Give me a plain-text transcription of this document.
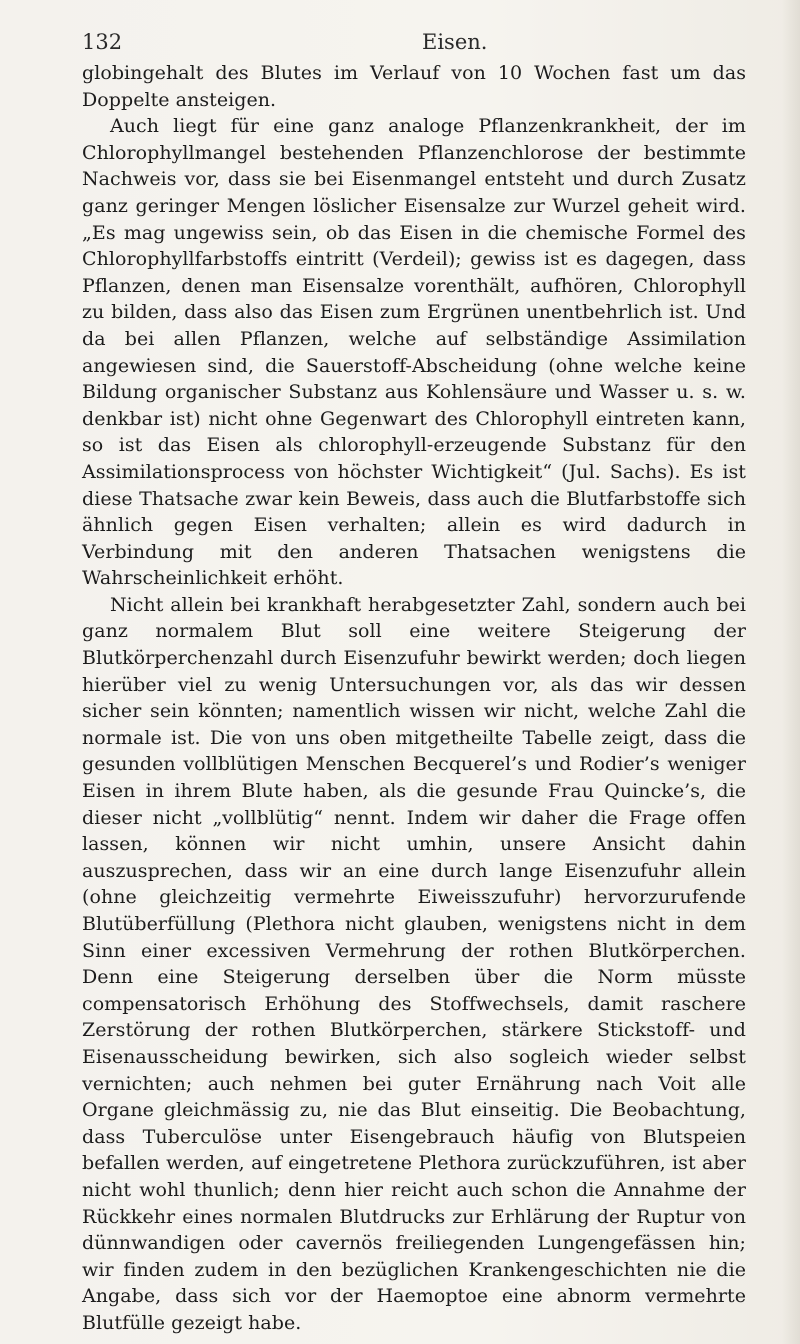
132	Eisen.

globingehalt des Blutes im Verlauf von 10 Wochen fast um das Doppelte ansteigen.

Auch liegt für eine ganz analoge Pflanzenkrankheit, der im Chlorophyllmangel bestehenden Pflanzenchlorose der bestimmte Nachweis vor, dass sie bei Eisenmangel entsteht und durch Zusatz ganz geringer Mengen löslicher Eisensalze zur Wurzel geheit wird. „Es mag ungewiss sein, ob das Eisen in die chemische Formel des Chlorophyllfarbstoffs eintritt (Verdeil); gewiss ist es dagegen, dass Pflanzen, denen man Eisensalze vorenthält, aufhören, Chlorophyll zu bilden, dass also das Eisen zum Ergrünen unentbehrlich ist. Und da bei allen Pflanzen, welche auf selbständige Assimilation angewiesen sind, die Sauerstoff-Abscheidung (ohne welche keine Bildung organischer Substanz aus Kohlensäure und Wasser u. s. w. denkbar ist) nicht ohne Gegenwart des Chlorophyll eintreten kann, so ist das Eisen als chlorophyll-erzeugende Substanz für den Assimilationsprocess von höchster Wichtigkeit“ (Jul. Sachs). Es ist diese Thatsache zwar kein Beweis, dass auch die Blutfarbstoffe sich ähnlich gegen Eisen verhalten; allein es wird dadurch in Verbindung mit den anderen Thatsachen wenigstens die Wahrscheinlichkeit erhöht.

Nicht allein bei krankhaft herabgesetzter Zahl, sondern auch bei ganz normalem Blut soll eine weitere Steigerung der Blutkörperchenzahl durch Eisenzufuhr bewirkt werden; doch liegen hierüber viel zu wenig Untersuchungen vor, als das wir dessen sicher sein könnten; namentlich wissen wir nicht, welche Zahl die normale ist. Die von uns oben mitgetheilte Tabelle zeigt, dass die gesunden vollblütigen Menschen Becquerel’s und Rodier’s weniger Eisen in ihrem Blute haben, als die gesunde Frau Quincke’s, die dieser nicht „vollblütig“ nennt. Indem wir daher die Frage offen lassen, können wir nicht umhin, unsere Ansicht dahin auszusprechen, dass wir an eine durch lange Eisenzufuhr allein (ohne gleichzeitig vermehrte Eiweisszufuhr) hervorzurufende Blutüberfüllung (Plethora nicht glauben, wenigstens nicht in dem Sinn einer excessiven Vermehrung der rothen Blutkörperchen. Denn eine Steigerung derselben über die Norm müsste compensatorisch Erhöhung des Stoffwechsels, damit raschere Zerstörung der rothen Blutkörperchen, stärkere Stickstoff- und Eisenausscheidung bewirken, sich also sogleich wieder selbst vernichten; auch nehmen bei guter Ernährung nach Voit alle Organe gleichmässig zu, nie das Blut einseitig. Die Beobachtung, dass Tuberculöse unter Eisengebrauch häufig von Blutspeien befallen werden, auf eingetretene Plethora zurückzuführen, ist aber nicht wohl thunlich; denn hier reicht auch schon die Annahme der Rückkehr eines normalen Blutdrucks zur Erhlärung der Ruptur von dünnwandigen oder cavernös freiliegenden Lungengefässen hin; wir finden zudem in den bezüglichen Krankengeschichten nie die Angabe, dass sich vor der Haemoptoe eine abnorm vermehrte Blutfülle gezeigt habe.
